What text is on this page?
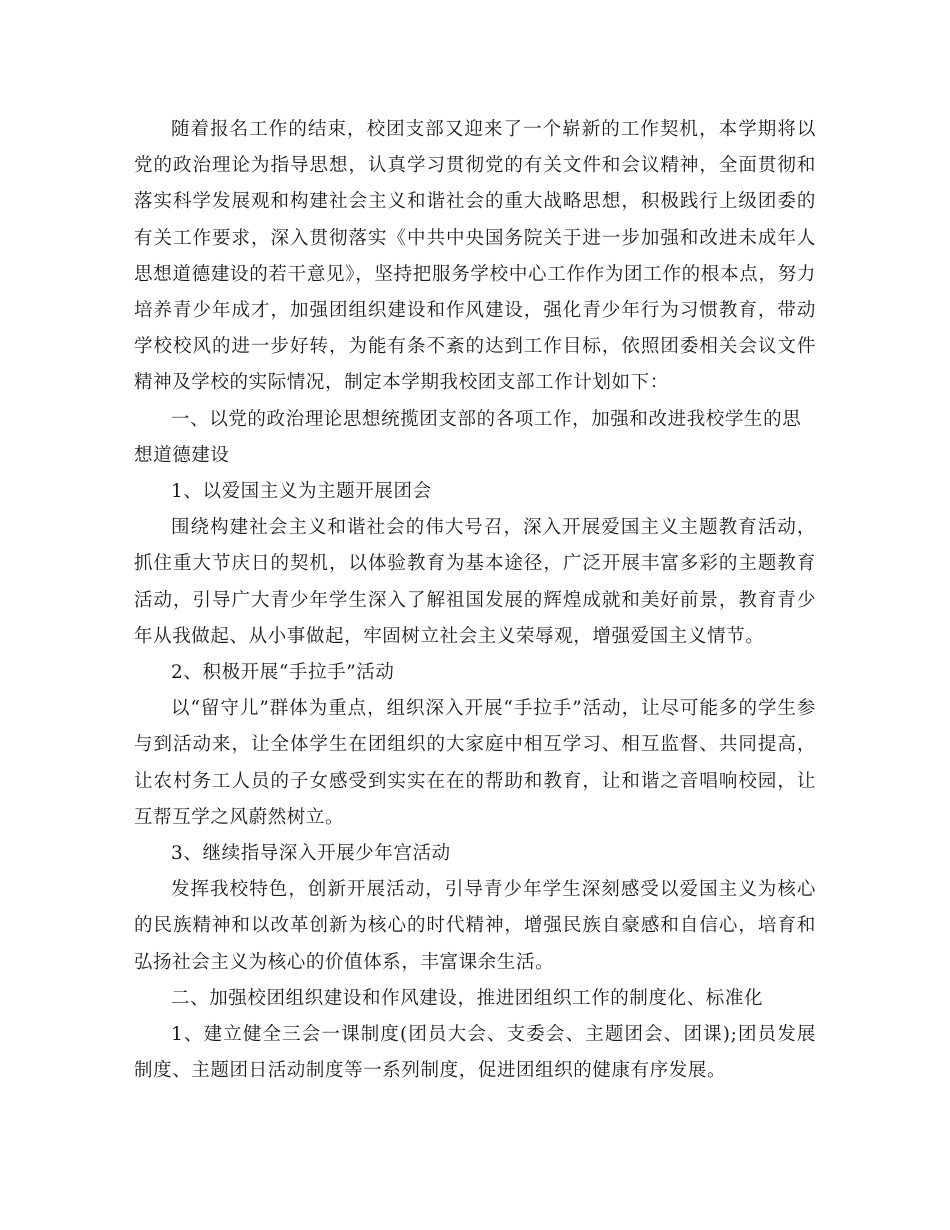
随着报名工作的结束，校团支部又迎来了一个崭新的工作契机，本学期将以党的政治理论为指导思想，认真学习贯彻党的有关文件和会议精神，全面贯彻和落实科学发展观和构建社会主义和谐社会的重大战略思想，积极践行上级团委的有关工作要求，深入贯彻落实《中共中央国务院关于进一步加强和改进未成年人思想道德建设的若干意见》，坚持把服务学校中心工作作为团工作的根本点，努力培养青少年成才，加强团组织建设和作风建设，强化青少年行为习惯教育，带动学校校风的进一步好转，为能有条不紊的达到工作目标，依照团委相关会议文件精神及学校的实际情况，制定本学期我校团支部工作计划如下：

一、以党的政治理论思想统揽团支部的各项工作，加强和改进我校学生的思想道德建设

1、以爱国主义为主题开展团会

围绕构建社会主义和谐社会的伟大号召，深入开展爱国主义主题教育活动，抓住重大节庆日的契机，以体验教育为基本途径，广泛开展丰富多彩的主题教育活动，引导广大青少年学生深入了解祖国发展的辉煌成就和美好前景，教育青少年从我做起、从小事做起，牢固树立社会主义荣辱观，增强爱国主义情节。

2、积极开展“手拉手”活动

以“留守儿”群体为重点，组织深入开展“手拉手”活动，让尽可能多的学生参与到活动来，让全体学生在团组织的大家庭中相互学习、相互监督、共同提高，让农村务工人员的子女感受到实实在在的帮助和教育，让和谐之音唱响校园，让互帮互学之风蔚然树立。

3、继续指导深入开展少年宫活动

发挥我校特色，创新开展活动，引导青少年学生深刻感受以爱国主义为核心的民族精神和以改革创新为核心的时代精神，增强民族自豪感和自信心，培育和弘扬社会主义为核心的价值体系，丰富课余生活。

二、加强校团组织建设和作风建设，推进团组织工作的制度化、标准化

1、建立健全三会一课制度(团员大会、支委会、主题团会、团课);团员发展制度、主题团日活动制度等一系列制度，促进团组织的健康有序发展。
